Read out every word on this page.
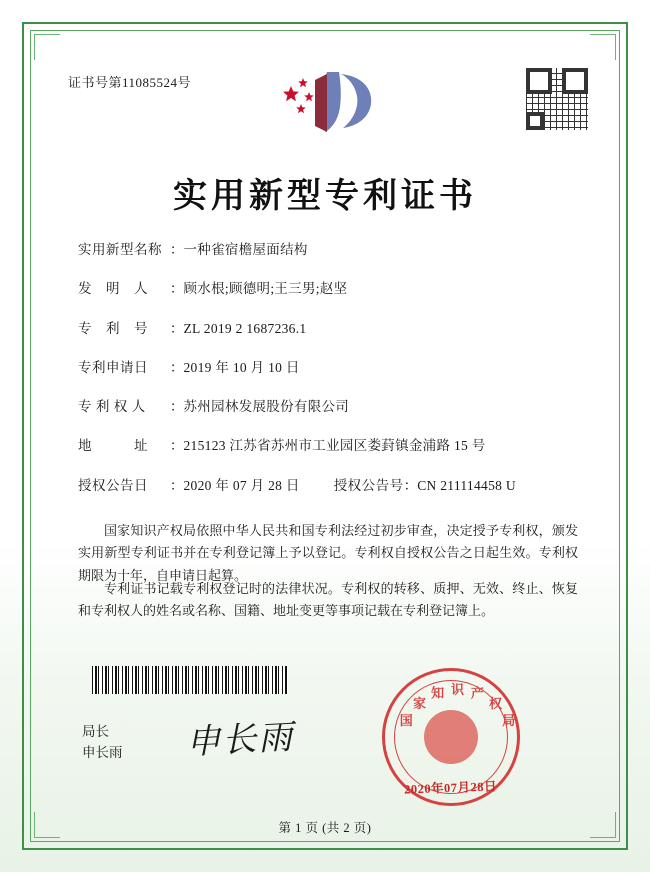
证书号第11085524号
实用新型专利证书
实用新型名称 ： 一种雀宿檐屋面结构
发　明　人	： 顾水根;顾德明;王三男;赵坚
专　利　号	： ZL 2019 2 1687236.1
专利申请日	： 2019 年 10 月 10 日
专 利 权 人	： 苏州园林发展股份有限公司
地　　　址	： 215123 江苏省苏州市工业园区娄葑镇金浦路 15 号
授权公告日	： 2020 年 07 月 28 日	授权公告号 ： CN 211114458 U
国家知识产权局依照中华人民共和国专利法经过初步审查，决定授予专利权，颁发实用新型专利证书并在专利登记簿上予以登记。专利权自授权公告之日起生效。专利权期限为十年，自申请日起算。
专利证书记载专利权登记时的法律状况。专利权的转移、质押、无效、终止、恢复和专利权人的姓名或名称、国籍、地址变更等事项记载在专利登记簿上。
局长
申长雨 申长雨	国
家
知 识 产
权
局
2020年07月28日
第 1 页 (共 2 页)
